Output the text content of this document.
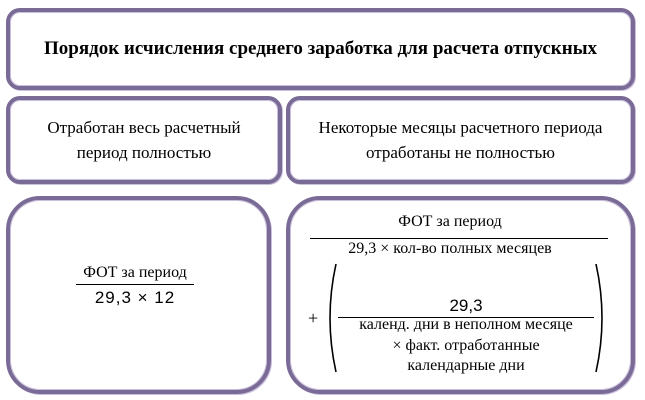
Порядок исчисления среднего заработка для расчета отпускных
Отработан весь расчетный период полностью
Некоторые месяцы расчетного периода отработаны не полностью
ФОТ за период
29,3 × 12
ФОТ за период
29,3 × кол-во полных месяцев
+
29,3
календ. дни в неполном месяце
× факт. отработанные
календарные дни
